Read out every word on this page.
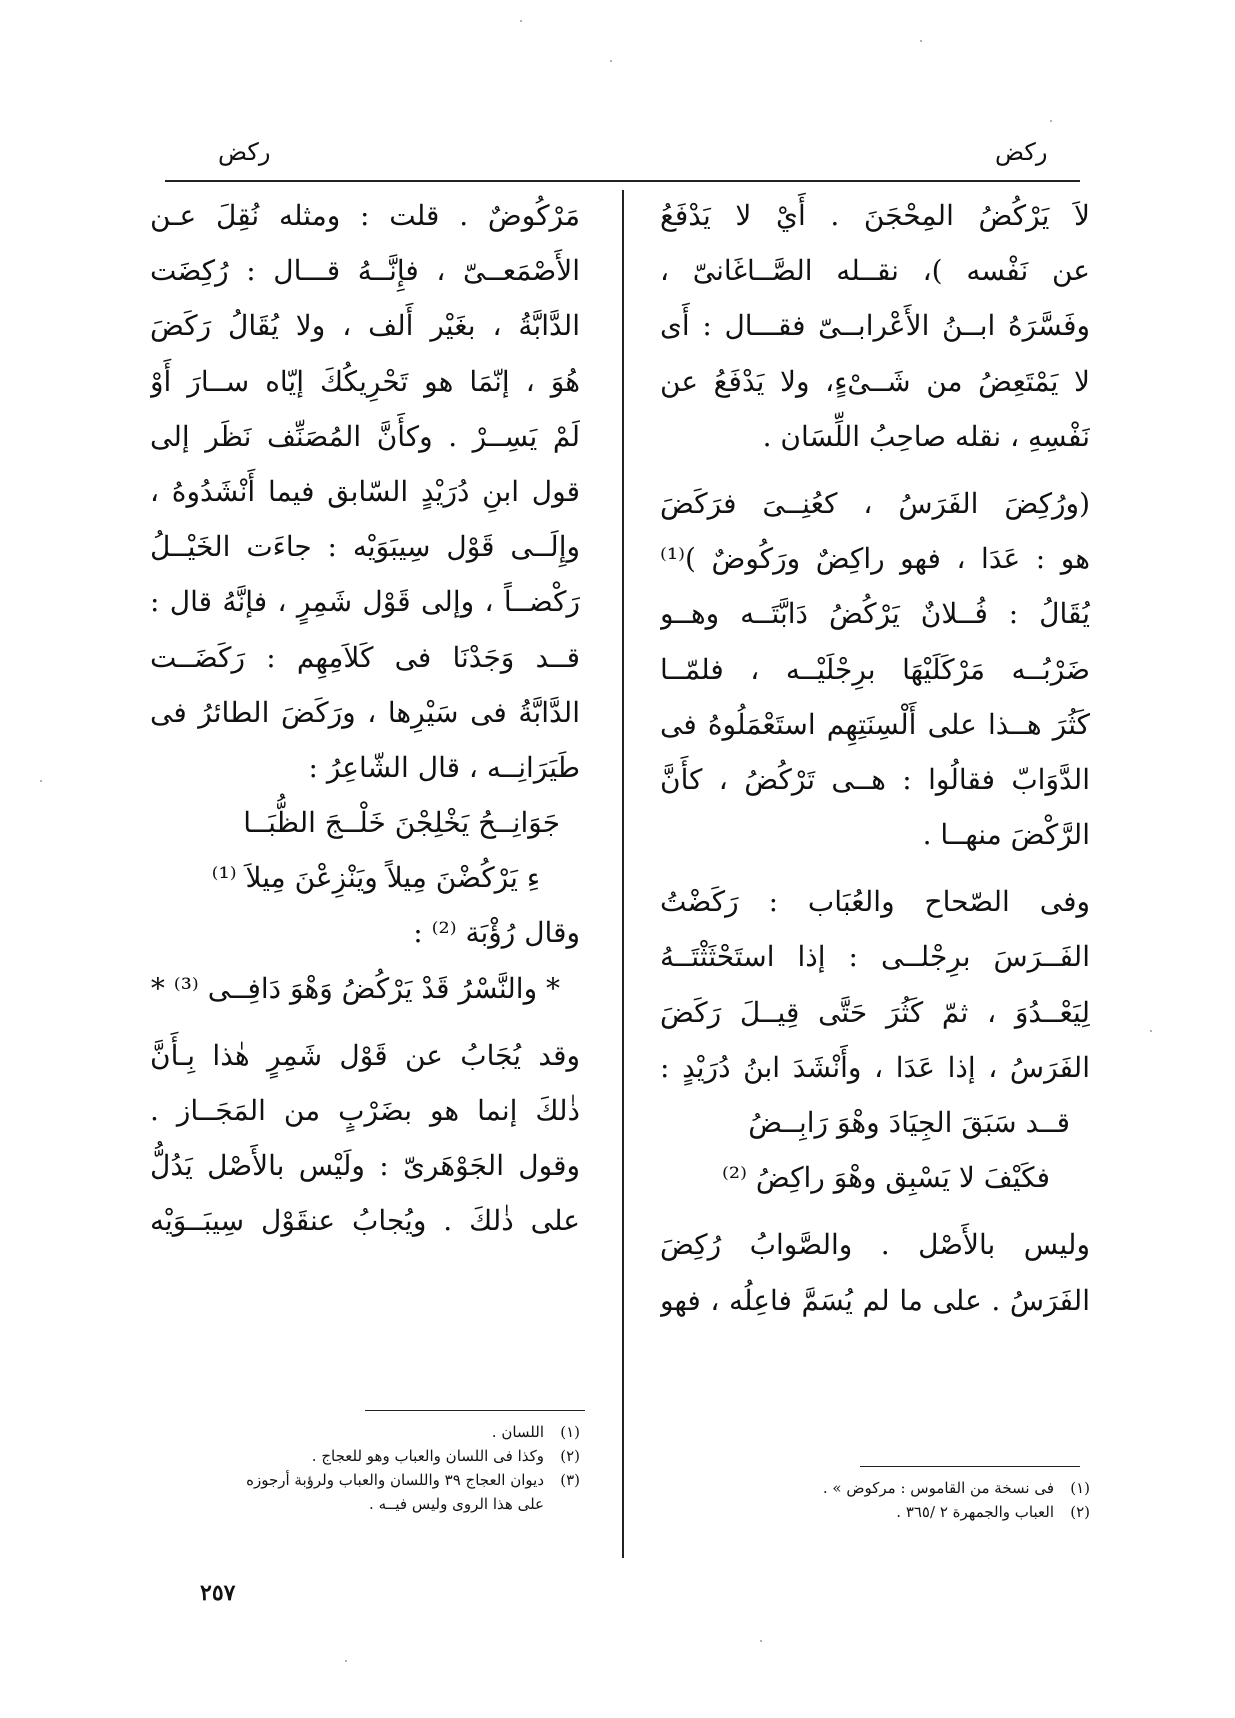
ركض	ركض
لاَ يَرْكُضُ المِحْجَنَ . أَيْ لا يَدْفَعُ
عن نَفْسه )، نقــله الصَّــاغَانىّ ،
وفَسَّرَهُ ابــنُ الأَعْرابــىّ فقـــال : أَى
لا يَمْتَعِضُ من شَــىْءٍ، ولا يَدْفَعُ عن
نَفْسِهِ ، نقله صاحِبُ اللِّسَان .
(ورُكِضَ الفَرَسُ ، كعُنِــىَ فرَكَضَ
هو : عَدَا ، فهو راكِضٌ ورَكُوضٌ )⁽¹⁾
يُقَالُ : فُــلانٌ يَرْكُضُ دَابَّتَــه وهــو
ضَرْبُــه مَرْكَلَيْهَا برِجْلَيْــه ، فلمّــا
كَثُرَ هــذا على أَلْسِنَتِهِم استَعْمَلُوهُ فى
الدَّوَابّ فقالُوا : هــى تَرْكُضُ ، كأَنَّ
الرَّكْضَ منهــا .
وفى الصّحاح والعُبَاب : رَكَضْتُ
الفَــرَسَ برِجْلــى : إذا استَحْثَثْتَــهُ
لِيَعْــدُوَ ، ثمّ كَثُرَ حَتَّى قِيــلَ رَكَضَ
الفَرَسُ ، إذا عَدَا ، وأَنْشَدَ ابنُ دُرَيْدٍ :
قــد سَبَقَ الجِيَادَ وهْوَ رَابِــضُ
فكَيْفَ لا يَسْبِق وهْوَ راكِضُ ⁽²⁾
وليس بالأَصْل . والصَّوابُ رُكِضَ
الفَرَسُ . على ما لم يُسَمَّ فاعِلُه ، فهو
مَرْكُوضٌ . قلت : ومثله نُقِلَ عـن
الأَصْمَعــىّ ، فإِنَّــهُ قـــال : رُكِضَت
الدَّابَّةُ ، بغَيْر أَلف ، ولا يُقَالُ رَكَضَ
هُوَ ، إنّمَا هو تَحْرِيكُكَ إيّاه ســارَ أَوْ
لَمْ يَسِــرْ . وكأَنَّ المُصَنِّف نَظَر إلى
قول ابنِ دُرَيْدٍ السّابق فيما أَنْشَدُوهُ ،
وإِلَــى قَوْل سِيبَوَيْه : جاءَت الخَيْــلُ
رَكْضــاً ، وإلى قَوْل شَمِرٍ ، فإنَّهُ قال :
قــد وَجَدْنَا فى كَلاَمِهِم : رَكَضَــت
الدَّابَّةُ فى سَيْرِها ، ورَكَضَ الطائرُ فى
طَيَرَانِــه ، قال الشّاعِرُ :
جَوَانِــحُ يَخْلِجْنَ خَلْــجَ الظُّبَــا
ءِ يَرْكُضْنَ مِيلاً ويَنْزِعْنَ مِيلاَ ⁽¹⁾
وقال رُؤْبَة ⁽²⁾ :
* والنَّسْرُ قَدْ يَرْكُضُ وَهْوَ دَافِــى ⁽³⁾ *
وقد يُجَابُ عن قَوْل شَمِرٍ هٰذا بِـأَنَّ
ذٰلكَ إنما هو بضَرْبٍ من المَجَــاز .
وقول الجَوْهَرىّ : ولَيْس بالأَصْل يَدُلُّ
على ذٰلكَ . ويُجابُ عنقَوْل سِيبَــوَيْه

(١)اللسان .

(٢)وكذا فى اللسان والعباب وهو للعجاج .

(٣)ديوان العجاج ٣٩ واللسان والعباب ولرؤبة أرجوزه

على هذا الروى وليس فيــه .

(١)فى نسخة من القاموس : مركوض » .

(٢)العباب والجمهرة ٢ /٣٦٥ .

٢٥٧
